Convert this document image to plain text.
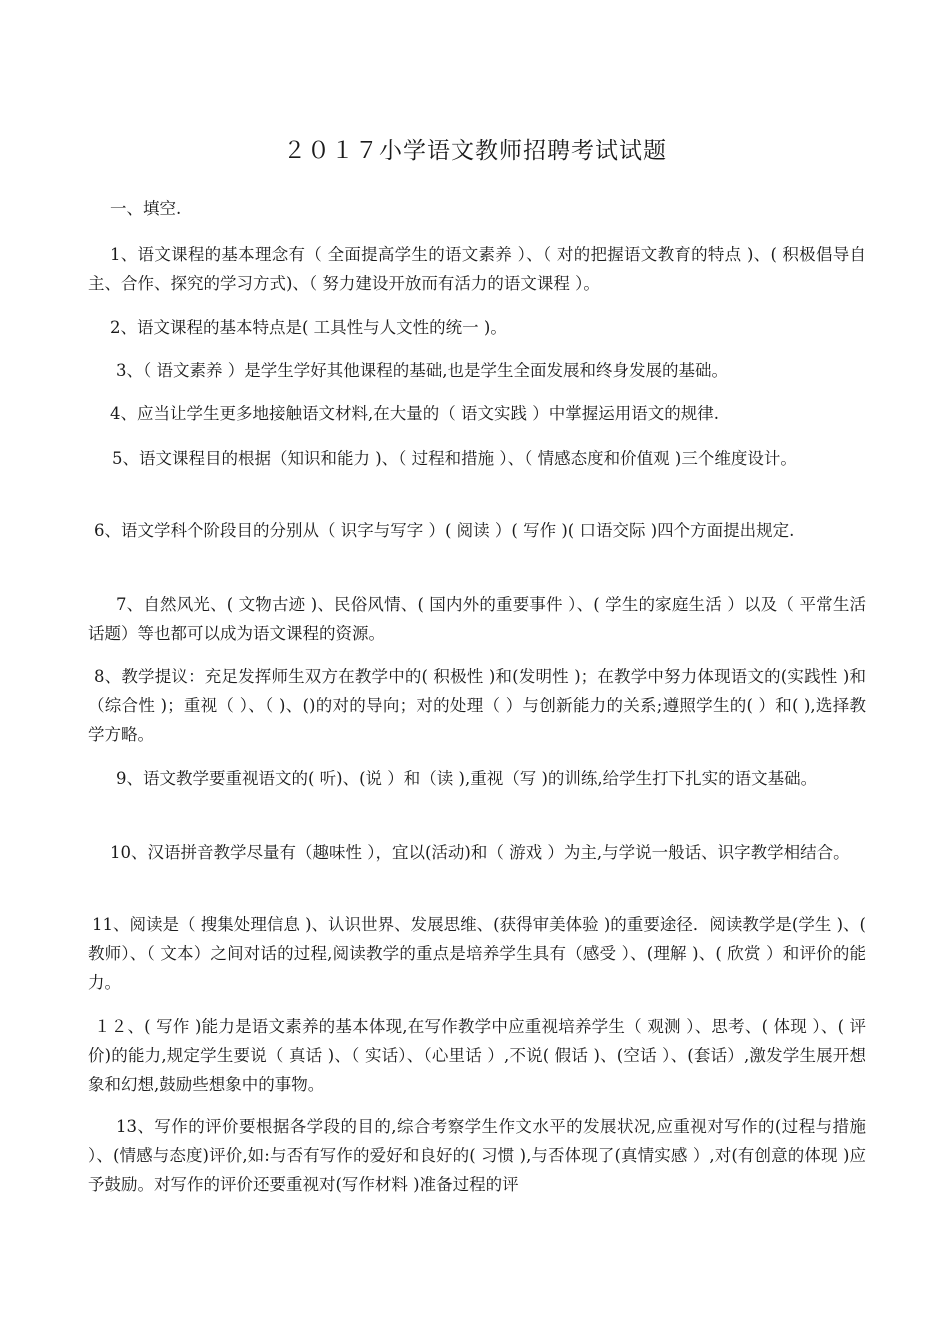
２０１７小学语文教师招聘考试试题
一、填空.
1、语文课程的基本理念有（ 全面提高学生的语文素养 ）、（ 对的把握语文教育的特点 )、( 积极倡导自主、合作、探究的学习方式)、（ 努力建设开放而有活力的语文课程 ）。
2、语文课程的基本特点是( 工具性与人文性的统一 )。
3、（ 语文素养 ）是学生学好其他课程的基础,也是学生全面发展和终身发展的基础。
4、应当让学生更多地接触语文材料,在大量的（ 语文实践 ）中掌握运用语文的规律.
5、语文课程目的根据（知识和能力 )、（ 过程和措施 ）、（ 情感态度和价值观 )三个维度设计。
6、语文学科个阶段目的分别从（ 识字与写字 ）( 阅读 ）( 写作 )( 口语交际 )四个方面提出规定.
7、自然风光、( 文物古迹 )、民俗风情、( 国内外的重要事件 ）、( 学生的家庭生活 ）以及（ 平常生活话题）等也都可以成为语文课程的资源。
8、教学提议：充足发挥师生双方在教学中的( 积极性 )和(发明性 )；在教学中努力体现语文的(实践性 )和（综合性 )；重视（ ）、（ )、()的对的导向；对的处理（ ）与创新能力的关系;遵照学生的( ）和( ),选择教学方略。
9、语文教学要重视语文的( 听)、(说 ）和（读 ),重视（写 )的训练,给学生打下扎实的语文基础。
10、汉语拼音教学尽量有（趣味性 ），宜以(活动)和（ 游戏 ）为主,与学说一般话、识字教学相结合。
11、阅读是（ 搜集处理信息 )、认识世界、发展思维、(获得审美体验 )的重要途径．阅读教学是(学生 )、( 教师）、（ 文本）之间对话的过程,阅读教学的重点是培养学生具有（感受 ）、(理解 )、( 欣赏 ）和评价的能力。
１２、( 写作 )能力是语文素养的基本体现,在写作教学中应重视培养学生（ 观测 ）、思考、( 体现 ）、( 评价)的能力,规定学生要说（ 真话 )、（ 实话）、（心里话 ）,不说( 假话 )、(空话 ）、(套话）,激发学生展开想象和幻想,鼓励些想象中的事物。
13、写作的评价要根据各学段的目的,综合考察学生作文水平的发展状况,应重视对写作的(过程与措施 ）、(情感与态度)评价,如:与否有写作的爱好和良好的( 习惯 ),与否体现了(真情实感 ）,对(有创意的体现 )应予鼓励。对写作的评价还要重视对(写作材料 )准备过程的评
